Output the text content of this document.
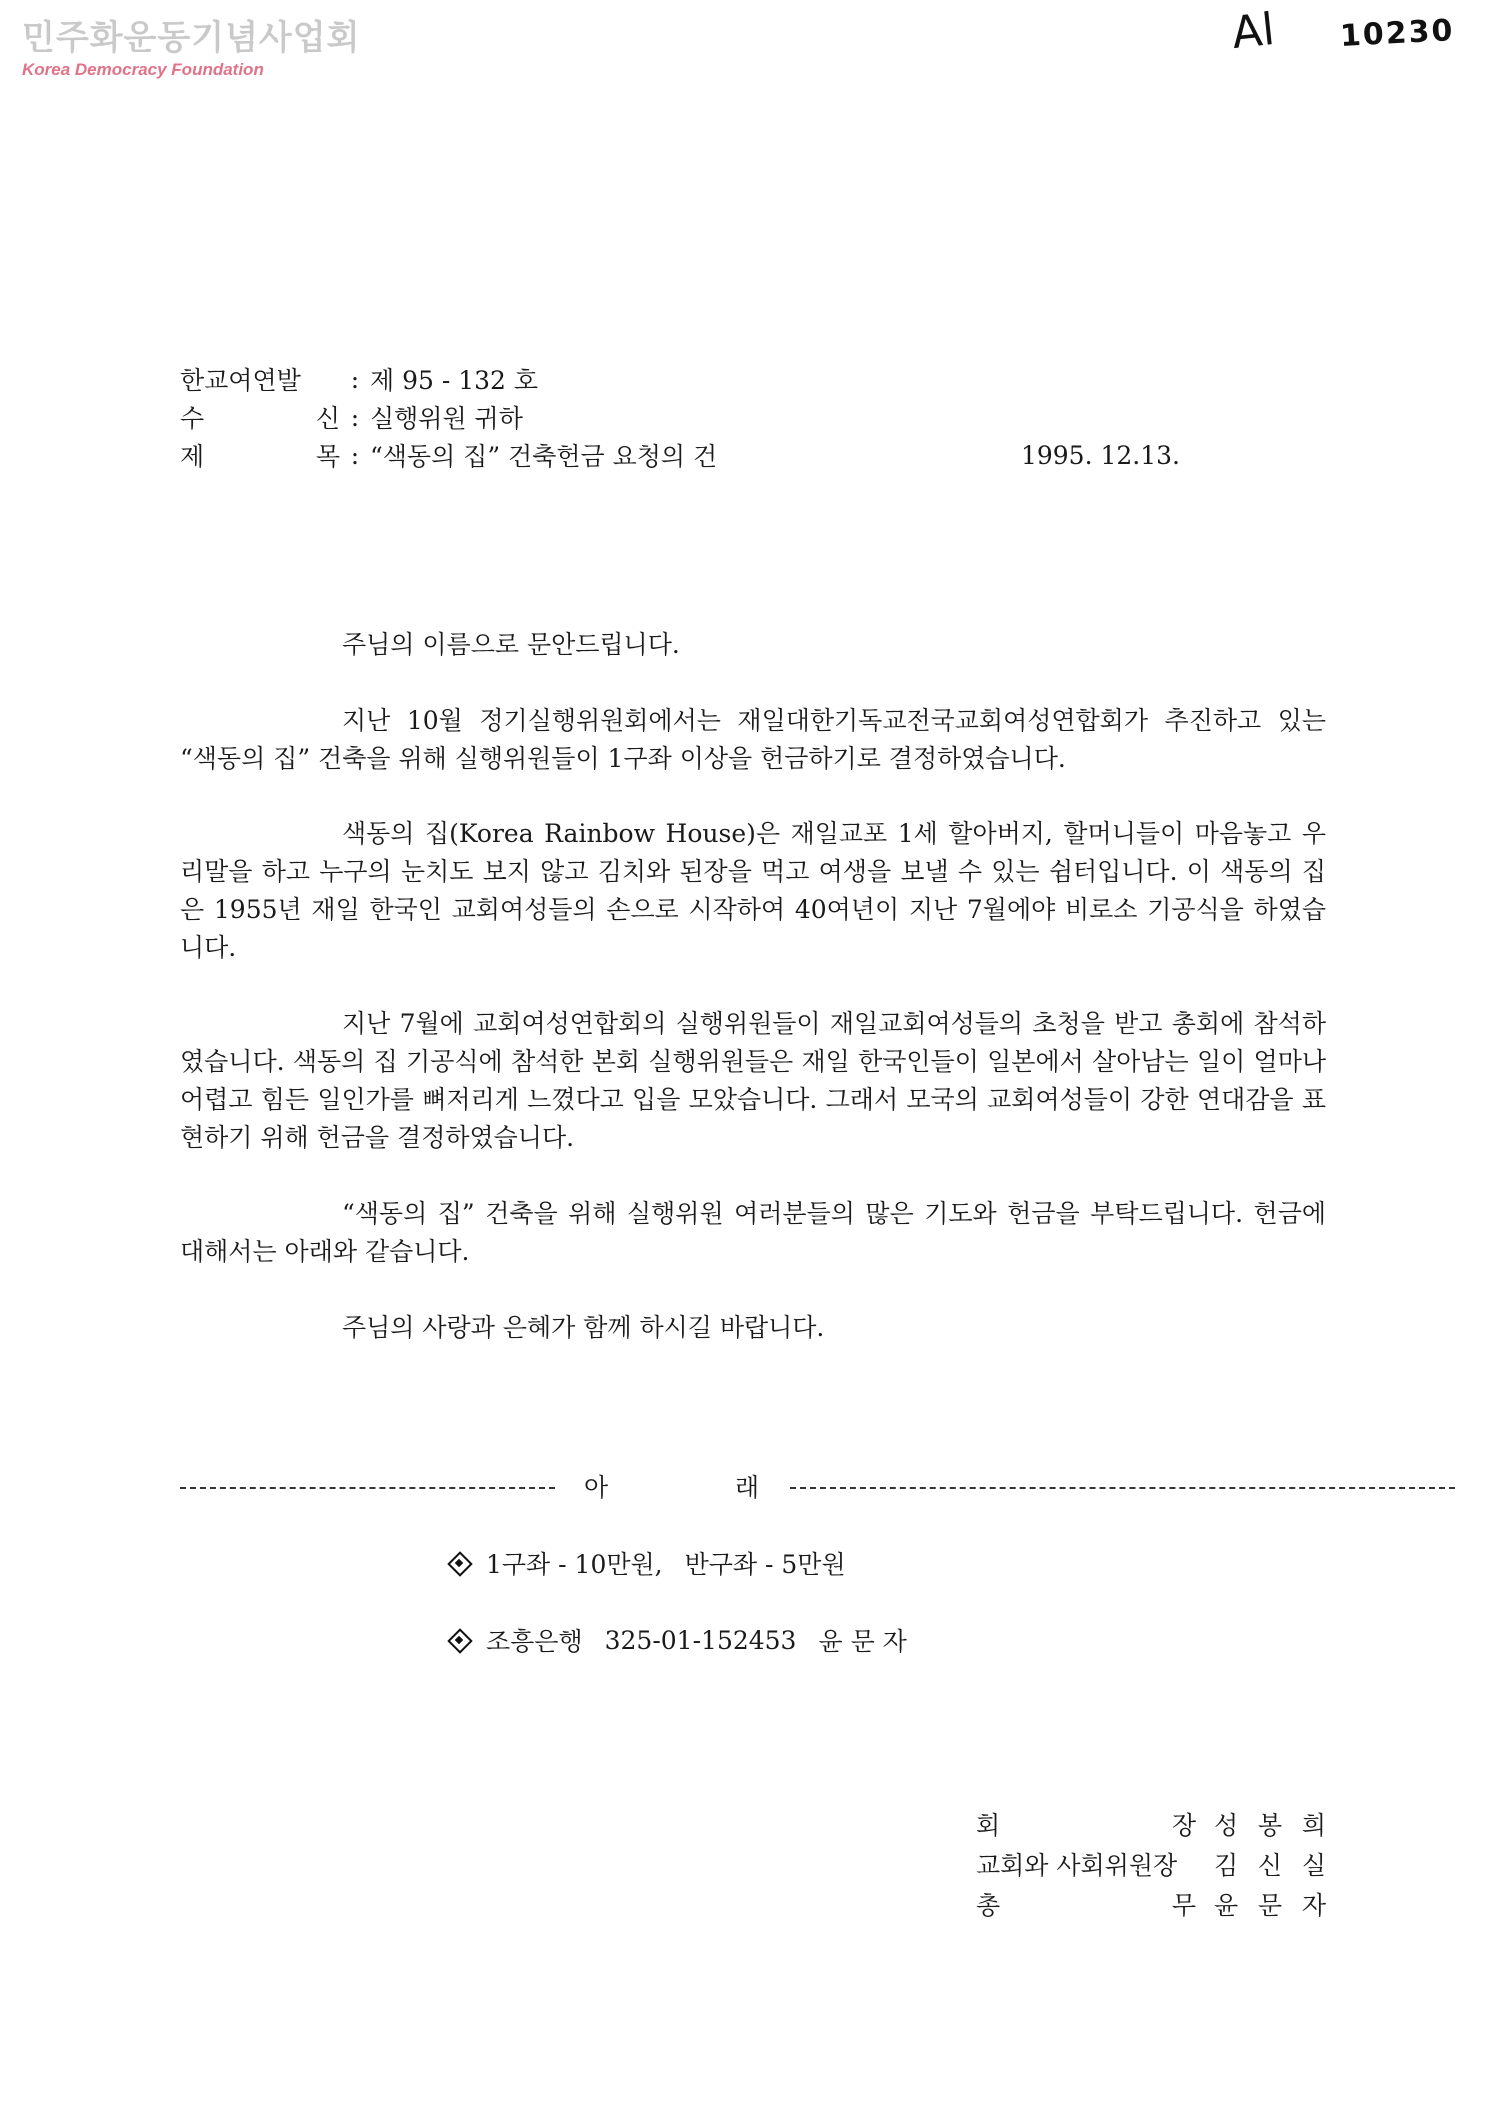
민주화운동기념사업회
Korea Democracy Foundation
Al 10230
한교여연발	: 제 95 - 132 호
수	신 : 실행위원 귀하
제	목 : “색동의 집” 건축헌금 요청의 건	1995. 12.13.

주님의 이름으로 문안드립니다.

지난 10월 정기실행위원회에서는 재일대한기독교전국교회여성연합회가 추진하고 있는 “색동의 집” 건축을 위해 실행위원들이 1구좌 이상을 헌금하기로 결정하였습니다.

색동의 집(Korea Rainbow House)은 재일교포 1세 할아버지, 할머니들이 마음놓고 우리말을 하고 누구의 눈치도 보지 않고 김치와 된장을 먹고 여생을 보낼 수 있는 쉼터입니다. 이 색동의 집은 1955년 재일 한국인 교회여성들의 손으로 시작하여 40여년이 지난 7월에야 비로소 기공식을 하였습니다.

지난 7월에 교회여성연합회의 실행위원들이 재일교회여성들의 초청을 받고 총회에 참석하였습니다. 색동의 집 기공식에 참석한 본회 실행위원들은 재일 한국인들이 일본에서 살아남는 일이 얼마나 어렵고 힘든 일인가를 뼈저리게 느꼈다고 입을 모았습니다. 그래서 모국의 교회여성들이 강한 연대감을 표현하기 위해 헌금을 결정하였습니다.

“색동의 집” 건축을 위해 실행위원 여러분들의 많은 기도와 헌금을 부탁드립니다. 헌금에 대해서는 아래와 같습니다.

주님의 사랑과 은혜가 함께 하시길 바랍니다.

아	래
1구좌 - 10만원, 반구좌 - 5만원
조흥은행 325-01-152453 윤 문 자
회	장 성 봉 희
교회와 사회위원장 김 신 실
총	무 윤 문 자
